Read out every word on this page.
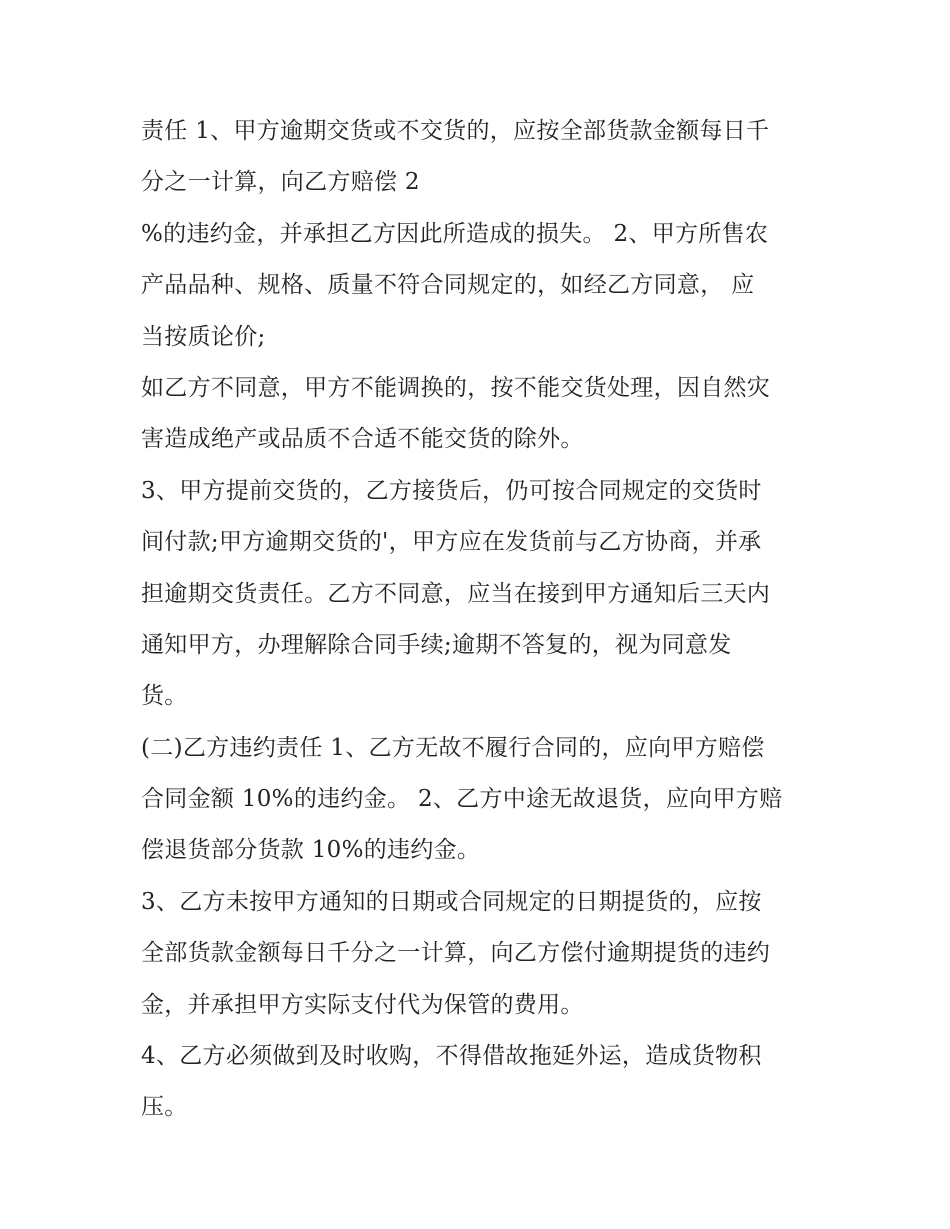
责任 1、甲方逾期交货或不交货的，应按全部货款金额每日千
分之一计算，向乙方赔偿 2
%的违约金，并承担乙方因此所造成的损失。 2、甲方所售农
产品品种、规格、质量不符合同规定的，如经乙方同意， 应
当按质论价;
如乙方不同意，甲方不能调换的，按不能交货处理，因自然灾
害造成绝产或品质不合适不能交货的除外。
3、甲方提前交货的，乙方接货后，仍可按合同规定的交货时
间付款;甲方逾期交货的'，甲方应在发货前与乙方协商，并承
担逾期交货责任。乙方不同意，应当在接到甲方通知后三天内
通知甲方，办理解除合同手续;逾期不答复的，视为同意发
货。
(二)乙方违约责任 1、乙方无故不履行合同的，应向甲方赔偿
合同金额 10%的违约金。 2、乙方中途无故退货，应向甲方赔
偿退货部分货款 10%的违约金。
3、乙方未按甲方通知的日期或合同规定的日期提货的，应按
全部货款金额每日千分之一计算，向乙方偿付逾期提货的违约
金，并承担甲方实际支付代为保管的费用。
4、乙方必须做到及时收购，不得借故拖延外运，造成货物积
压。
